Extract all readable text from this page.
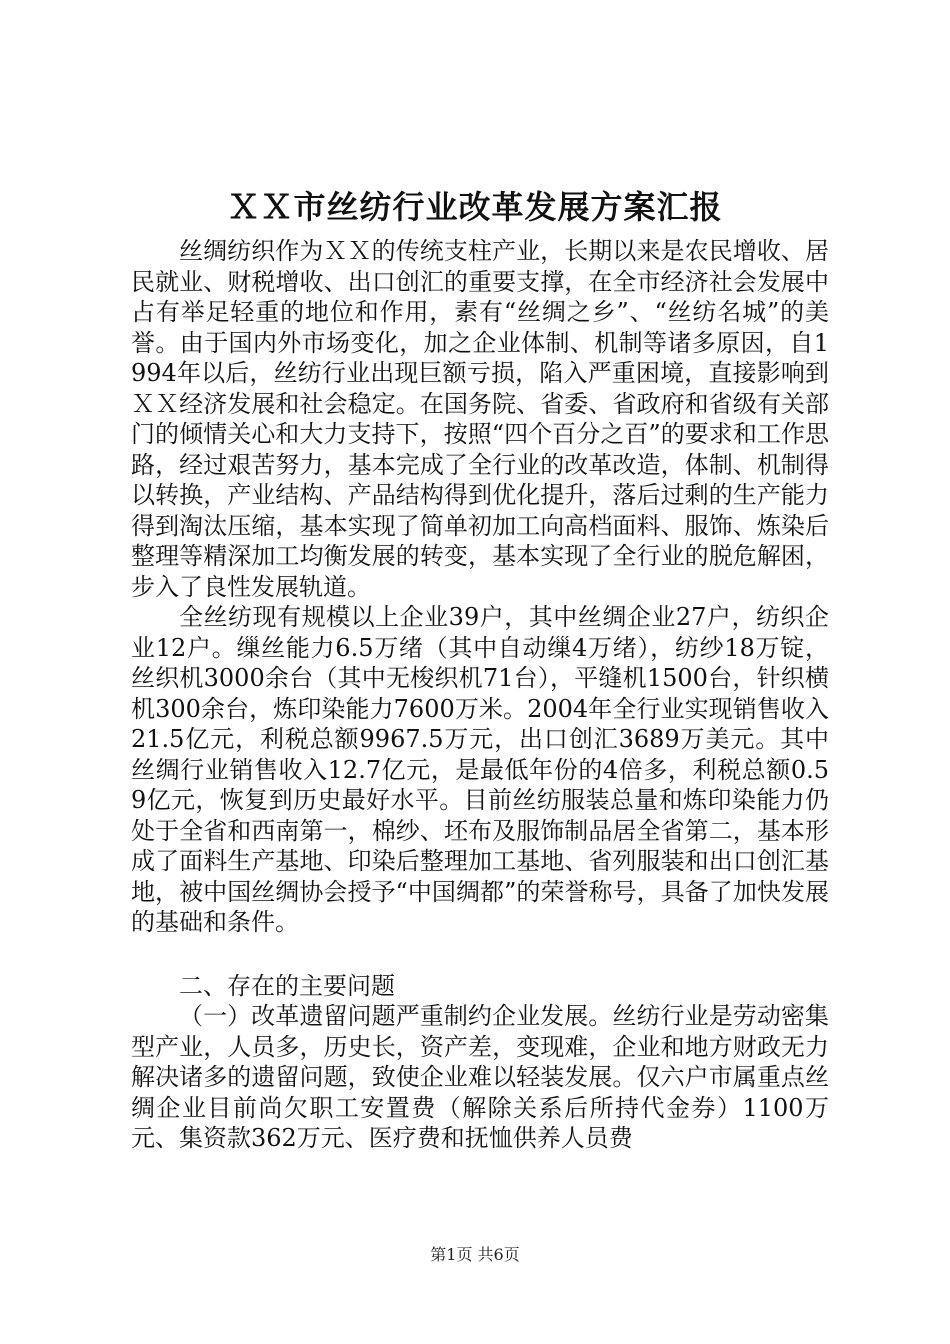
ＸＸ市丝纺行业改革发展方案汇报

丝绸纺织作为ＸＸ的传统支柱产业，长期以来是农民增收、居民就业、财税增收、出口创汇的重要支撑，在全市经济社会发展中占有举足轻重的地位和作用，素有“丝绸之乡”、“丝纺名城”的美誉。由于国内外市场变化，加之企业体制、机制等诸多原因，自1994年以后，丝纺行业出现巨额亏损，陷入严重困境，直接影响到ＸＸ经济发展和社会稳定。在国务院、省委、省政府和省级有关部门的倾情关心和大力支持下，按照“四个百分之百”的要求和工作思路，经过艰苦努力，基本完成了全行业的改革改造，体制、机制得以转换，产业结构、产品结构得到优化提升，落后过剩的生产能力得到淘汰压缩，基本实现了简单初加工向高档面料、服饰、炼染后整理等精深加工均衡发展的转变，基本实现了全行业的脱危解困，步入了良性发展轨道。

全丝纺现有规模以上企业39户，其中丝绸企业27户，纺织企业12户。缫丝能力6.5万绪（其中自动缫4万绪），纺纱18万锭，丝织机3000余台（其中无梭织机71台），平缝机1500台，针织横机300余台，炼印染能力7600万米。2004年全行业实现销售收入21.5亿元，利税总额9967.5万元，出口创汇3689万美元。其中丝绸行业销售收入12.7亿元，是最低年份的4倍多，利税总额0.59亿元，恢复到历史最好水平。目前丝纺服装总量和炼印染能力仍处于全省和西南第一，棉纱、坯布及服饰制品居全省第二，基本形成了面料生产基地、印染后整理加工基地、省列服装和出口创汇基地，被中国丝绸协会授予“中国绸都”的荣誉称号，具备了加快发展的基础和条件。

二、存在的主要问题

（一）改革遗留问题严重制约企业发展。丝纺行业是劳动密集型产业，人员多，历史长，资产差，变现难，企业和地方财政无力解决诸多的遗留问题，致使企业难以轻装发展。仅六户市属重点丝绸企业目前尚欠职工安置费（解除关系后所持代金券）1100万元、集资款362万元、医疗费和抚恤供养人员费

第1页 共6页
